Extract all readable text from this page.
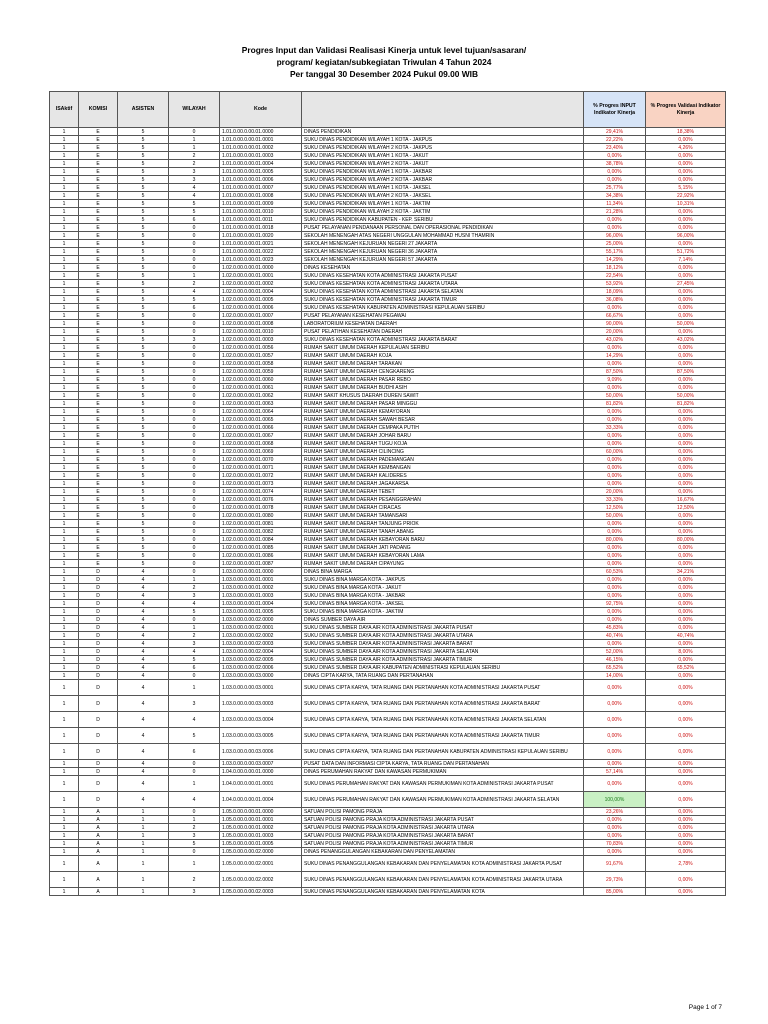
Progres Input dan Validasi Realisasi Kinerja untuk level tujuan/sasaran/
program/ kegiatan/subkegiatan Triwulan 4 Tahun 2024
Per tanggal 30 Desember 2024 Pukul 09.00 WIB
ISAktif	KOMISI	ASISTEN	WILAYAH	Kode		% Progres INPUT Indikator Kinerja	% Progres Validasi Indikator Kinerja
1	E	5	0	1.01.0.00.0.00.01.0000	DINAS PENDIDIKAN	29,41%	18,38%
1	E	5	1	1.01.0.00.0.00.01.0001	SUKU DINAS PENDIDIKAN WILAYAH 1 KOTA - JAKPUS	22,22%	0,00%
1	E	5	1	1.01.0.00.0.00.01.0002	SUKU DINAS PENDIDIKAN WILAYAH 2 KOTA - JAKPUS	23,40%	4,26%
1	E	5	2	1.01.0.00.0.00.01.0003	SUKU DINAS PENDIDIKAN WILAYAH 1 KOTA - JAKUT	0,00%	0,00%
1	E	5	2	1.01.0.00.0.00.01.0004	SUKU DINAS PENDIDIKAN WILAYAH 2 KOTA - JAKUT	38,78%	0,00%
1	E	5	3	1.01.0.00.0.00.01.0005	SUKU DINAS PENDIDIKAN WILAYAH 1 KOTA - JAKBAR	0,00%	0,00%
1	E	5	3	1.01.0.00.0.00.01.0006	SUKU DINAS PENDIDIKAN WILAYAH 2 KOTA - JAKBAR	0,00%	0,00%
1	E	5	4	1.01.0.00.0.00.01.0007	SUKU DINAS PENDIDIKAN WILAYAH 1 KOTA - JAKSEL	25,77%	5,15%
1	E	5	4	1.01.0.00.0.00.01.0008	SUKU DINAS PENDIDIKAN WILAYAH 2 KOTA - JAKSEL	34,38%	22,92%
1	E	5	5	1.01.0.00.0.00.01.0009	SUKU DINAS PENDIDIKAN WILAYAH 1 KOTA - JAKTIM	11,34%	10,31%
1	E	5	5	1.01.0.00.0.00.01.0010	SUKU DINAS PENDIDIKAN WILAYAH 2 KOTA - JAKTIM	21,28%	0,00%
1	E	5	6	1.01.0.00.0.00.01.0011	SUKU DINAS PENDIDIKAN KABUPATEN - KEP. SERIBU	0,00%	0,00%
1	E	5	0	1.01.0.00.0.00.01.0018	PUSAT PELAYANAN PENDANAAN PERSONAL DAN OPERASIONAL PENDIDIKAN	0,00%	0,00%
1	E	5	0	1.01.0.00.0.00.01.0020	SEKOLAH MENENGAH ATAS NEGERI UNGGULAN MOHAMMAD HUSNI THAMRIN	96,00%	96,00%
1	E	5	0	1.01.0.00.0.00.01.0021	SEKOLAH MENENGAH KEJURUAN NEGERI 27 JAKARTA	25,00%	0,00%
1	E	5	0	1.01.0.00.0.00.01.0022	SEKOLAH MENENGAH KEJURUAN NEGERI 36 JAKARTA	55,17%	51,72%
1	E	5	0	1.01.0.00.0.00.01.0023	SEKOLAH MENENGAH KEJURUAN NEGERI 57 JAKARTA	14,29%	7,14%
1	E	5	0	1.02.0.00.0.00.01.0000	DINAS KESEHATAN	18,12%	0,00%
1	E	5	1	1.02.0.00.0.00.01.0001	SUKU DINAS KESEHATAN KOTA ADMINISTRASI JAKARTA PUSAT	22,54%	0,00%
1	E	5	2	1.02.0.00.0.00.01.0002	SUKU DINAS KESEHATAN KOTA ADMINISTRASI JAKARTA UTARA	53,92%	27,45%
1	E	5	4	1.02.0.00.0.00.01.0004	SUKU DINAS KESEHATAN KOTA ADMINISTRASI JAKARTA SELATAN	18,09%	0,00%
1	E	5	5	1.02.0.00.0.00.01.0005	SUKU DINAS KESEHATAN KOTA ADMINISTRASI JAKARTA TIMUR	36,08%	0,00%
1	E	5	6	1.02.0.00.0.00.01.0006	SUKU DINAS KESEHATAN KABUPATEN ADMINISTRASI KEPULAUAN SERIBU	0,00%	0,00%
1	E	5	0	1.02.0.00.0.00.01.0007	PUSAT PELAYANAN KESEHATAN PEGAWAI	66,67%	0,00%
1	E	5	0	1.02.0.00.0.00.01.0008	LABORATORIUM KESEHATAN DAERAH	90,00%	50,00%
1	E	5	0	1.02.0.00.0.00.01.0010	PUSAT PELATIHAN KESEHATAN DAERAH	20,00%	0,00%
1	E	5	3	1.02.0.00.0.00.01.0003	SUKU DINAS KESEHATAN KOTA ADMINISTRASI JAKARTA BARAT	43,02%	43,02%
1	E	5	0	1.02.0.00.0.00.01.0056	RUMAH SAKIT UMUM DAERAH KEPULAUAN SERIBU	0,00%	0,00%
1	E	5	0	1.02.0.00.0.00.01.0057	RUMAH SAKIT UMUM DAERAH KOJA	14,29%	0,00%
1	E	5	0	1.02.0.00.0.00.01.0058	RUMAH SAKIT UMUM DAERAH TARAKAN	0,00%	0,00%
1	E	5	0	1.02.0.00.0.00.01.0059	RUMAH SAKIT UMUM DAERAH CENGKARENG	87,50%	87,50%
1	E	5	0	1.02.0.00.0.00.01.0060	RUMAH SAKIT UMUM DAERAH PASAR REBO	9,09%	0,00%
1	E	5	0	1.02.0.00.0.00.01.0061	RUMAH SAKIT UMUM DAERAH BUDHI ASIH	0,00%	0,00%
1	E	5	0	1.02.0.00.0.00.01.0062	RUMAH SAKIT KHUSUS DAERAH DUREN SAWIT	50,00%	50,00%
1	E	5	0	1.02.0.00.0.00.01.0063	RUMAH SAKIT UMUM DAERAH PASAR MINGGU	81,82%	81,82%
1	E	5	0	1.02.0.00.0.00.01.0064	RUMAH SAKIT UMUM DAERAH KEMAYORAN	0,00%	0,00%
1	E	5	0	1.02.0.00.0.00.01.0065	RUMAH SAKIT UMUM DAERAH SAWAH BESAR	0,00%	0,00%
1	E	5	0	1.02.0.00.0.00.01.0066	RUMAH SAKIT UMUM DAERAH CEMPAKA PUTIH	33,33%	0,00%
1	E	5	0	1.02.0.00.0.00.01.0067	RUMAH SAKIT UMUM DAERAH JOHAR BARU	0,00%	0,00%
1	E	5	0	1.02.0.00.0.00.01.0068	RUMAH SAKIT UMUM DAERAH TUGU KOJA	0,00%	0,00%
1	E	5	0	1.02.0.00.0.00.01.0069	RUMAH SAKIT UMUM DAERAH CILINCING	60,00%	0,00%
1	E	5	0	1.02.0.00.0.00.01.0070	RUMAH SAKIT UMUM DAERAH PADEMANGAN	0,00%	0,00%
1	E	5	0	1.02.0.00.0.00.01.0071	RUMAH SAKIT UMUM DAERAH KEMBANGAN	0,00%	0,00%
1	E	5	0	1.02.0.00.0.00.01.0072	RUMAH SAKIT UMUM DAERAH KALIDERES	0,00%	0,00%
1	E	5	0	1.02.0.00.0.00.01.0073	RUMAH SAKIT UMUM DAERAH JAGAKARSA	0,00%	0,00%
1	E	5	0	1.02.0.00.0.00.01.0074	RUMAH SAKIT UMUM DAERAH TEBET	20,00%	0,00%
1	E	5	0	1.02.0.00.0.00.01.0076	RUMAH SAKIT UMUM DAERAH PESANGGRAHAN	33,33%	16,67%
1	E	5	0	1.02.0.00.0.00.01.0078	RUMAH SAKIT UMUM DAERAH CIRACAS	12,50%	12,50%
1	E	5	0	1.02.0.00.0.00.01.0080	RUMAH SAKIT UMUM DAERAH TAMANSARI	50,00%	0,00%
1	E	5	0	1.02.0.00.0.00.01.0081	RUMAH SAKIT UMUM DAERAH TANJUNG PRIOK	0,00%	0,00%
1	E	5	0	1.02.0.00.0.00.01.0082	RUMAH SAKIT UMUM DAERAH TANAH ABANG	0,00%	0,00%
1	E	5	0	1.02.0.00.0.00.01.0084	RUMAH SAKIT UMUM DAERAH KEBAYORAN BARU	80,00%	80,00%
1	E	5	0	1.02.0.00.0.00.01.0085	RUMAH SAKIT UMUM DAERAH JATI PADANG	0,00%	0,00%
1	E	5	0	1.02.0.00.0.00.01.0086	RUMAH SAKIT UMUM DAERAH KEBAYORAN LAMA	0,00%	0,00%
1	E	5	0	1.02.0.00.0.00.01.0087	RUMAH SAKIT UMUM DAERAH CIPAYUNG	0,00%	0,00%
1	D	4	0	1.03.0.00.0.00.01.0000	DINAS BINA MARGA	60,53%	34,21%
1	D	4	1	1.03.0.00.0.00.01.0001	SUKU DINAS BINA MARGA KOTA - JAKPUS	0,00%	0,00%
1	D	4	2	1.03.0.00.0.00.01.0002	SUKU DINAS BINA MARGA KOTA - JAKUT	0,00%	0,00%
1	D	4	3	1.03.0.00.0.00.01.0003	SUKU DINAS BINA MARGA KOTA - JAKBAR	0,00%	0,00%
1	D	4	4	1.03.0.00.0.00.01.0004	SUKU DINAS BINA MARGA KOTA - JAKSEL	92,75%	0,00%
1	D	4	5	1.03.0.00.0.00.01.0005	SUKU DINAS BINA MARGA KOTA - JAKTIM	0,00%	0,00%
1	D	4	0	1.03.0.00.0.00.02.0000	DINAS SUMBER DAYA AIR	0,00%	0,00%
1	D	4	1	1.03.0.00.0.00.02.0001	SUKU DINAS SUMBER DAYA AIR KOTA ADMINISTRASI JAKARTA PUSAT	45,83%	0,00%
1	D	4	2	1.03.0.00.0.00.02.0002	SUKU DINAS SUMBER DAYA AIR KOTA ADMINISTRASI JAKARTA UTARA	40,74%	40,74%
1	D	4	3	1.03.0.00.0.00.02.0003	SUKU DINAS SUMBER DAYA AIR KOTA ADMINISTRASI JAKARTA BARAT	0,00%	0,00%
1	D	4	4	1.03.0.00.0.00.02.0004	SUKU DINAS SUMBER DAYA AIR KOTA ADMINISTRASI JAKARTA SELATAN	52,00%	8,00%
1	D	4	5	1.03.0.00.0.00.02.0005	SUKU DINAS SUMBER DAYA AIR KOTA ADMINISTRASI JAKARTA TIMUR	46,15%	0,00%
1	D	4	6	1.03.0.00.0.00.02.0006	SUKU DINAS SUMBER DAYA AIR KABUPATEN ADMINISTRASI KEPULAUAN SERIBU	65,52%	65,52%
1	D	4	0	1.03.0.00.0.00.03.0000	DINAS CIPTA KARYA, TATA RUANG DAN PERTANAHAN	14,00%	0,00%
1	D	4	1	1.03.0.00.0.00.03.0001	SUKU DINAS CIPTA KARYA, TATA RUANG DAN PERTANAHAN KOTA ADMINISTRASI JAKARTA PUSAT	0,00%	0,00%
1	D	4	3	1.03.0.00.0.00.03.0003	SUKU DINAS CIPTA KARYA, TATA RUANG DAN PERTANAHAN KOTA ADMINISTRASI JAKARTA BARAT	0,00%	0,00%
1	D	4	4	1.03.0.00.0.00.03.0004	SUKU DINAS CIPTA KARYA, TATA RUANG DAN PERTANAHAN KOTA ADMINISTRASI JAKARTA SELATAN	0,00%	0,00%
1	D	4	5	1.03.0.00.0.00.03.0005	SUKU DINAS CIPTA KARYA, TATA RUANG DAN PERTANAHAN KOTA ADMINISTRASI JAKARTA TIMUR	0,00%	0,00%
1	D	4	6	1.03.0.00.0.00.03.0006	SUKU DINAS CIPTA KARYA, TATA RUANG DAN PERTANAHAN KABUPATEN ADMINISTRASI KEPULAUAN SERIBU	0,00%	0,00%
1	D	4	0	1.03.0.00.0.00.03.0007	PUSAT DATA DAN INFORMASI CIPTA KARYA, TATA RUANG DAN PERTANAHAN	0,00%	0,00%
1	D	4	0	1.04.0.00.0.00.01.0000	DINAS PERUMAHAN RAKYAT DAN KAWASAN PERMUKIMAN	57,14%	0,00%
1	D	4	1	1.04.0.00.0.00.01.0001	SUKU DINAS PERUMAHAN RAKYAT DAN KAWASAN PERMUKIMAN KOTA ADMINISTRASI JAKARTA PUSAT	0,00%	0,00%
1	D	4	4	1.04.0.00.0.00.01.0004	SUKU DINAS PERUMAHAN RAKYAT DAN KAWASAN PERMUKIMAN KOTA ADMINISTRASI JAKARTA SELATAN	100,00%	0,00%
1	A	1	0	1.05.0.00.0.00.01.0000	SATUAN POLISI PAMONG PRAJA	23,26%	0,00%
1	A	1	1	1.05.0.00.0.00.01.0001	SATUAN POLISI PAMONG PRAJA KOTA ADMINISTRASI JAKARTA PUSAT	0,00%	0,00%
1	A	1	2	1.05.0.00.0.00.01.0002	SATUAN POLISI PAMONG PRAJA KOTA ADMINISTRASI JAKARTA UTARA	0,00%	0,00%
1	A	1	3	1.05.0.00.0.00.01.0003	SATUAN POLISI PAMONG PRAJA KOTA ADMINISTRASI JAKARTA BARAT	0,00%	0,00%
1	A	1	5	1.05.0.00.0.00.01.0005	SATUAN POLISI PAMONG PRAJA KOTA ADMINISTRASI JAKARTA TIMUR	70,83%	0,00%
1	A	1	0	1.05.0.00.0.00.02.0000	DINAS PENANGGULANGAN KEBAKARAN DAN PENYELAMATAN	0,00%	0,00%
1	A	1	1	1.05.0.00.0.00.02.0001	SUKU DINAS PENANGGULANGAN KEBAKARAN DAN PENYELAMATAN KOTA ADMINISTRASI JAKARTA PUSAT	91,67%	2,78%
1	A	1	2	1.05.0.00.0.00.02.0002	SUKU DINAS PENANGGULANGAN KEBAKARAN DAN PENYELAMATAN KOTA ADMINISTRASI JAKARTA UTARA	29,73%	0,00%
1	A	1	3	1.05.0.00.0.00.02.0003	SUKU DINAS PENANGGULANGAN KEBAKARAN DAN PENYELAMATAN KOTA	85,00%	0,00%
Page 1 of 7
